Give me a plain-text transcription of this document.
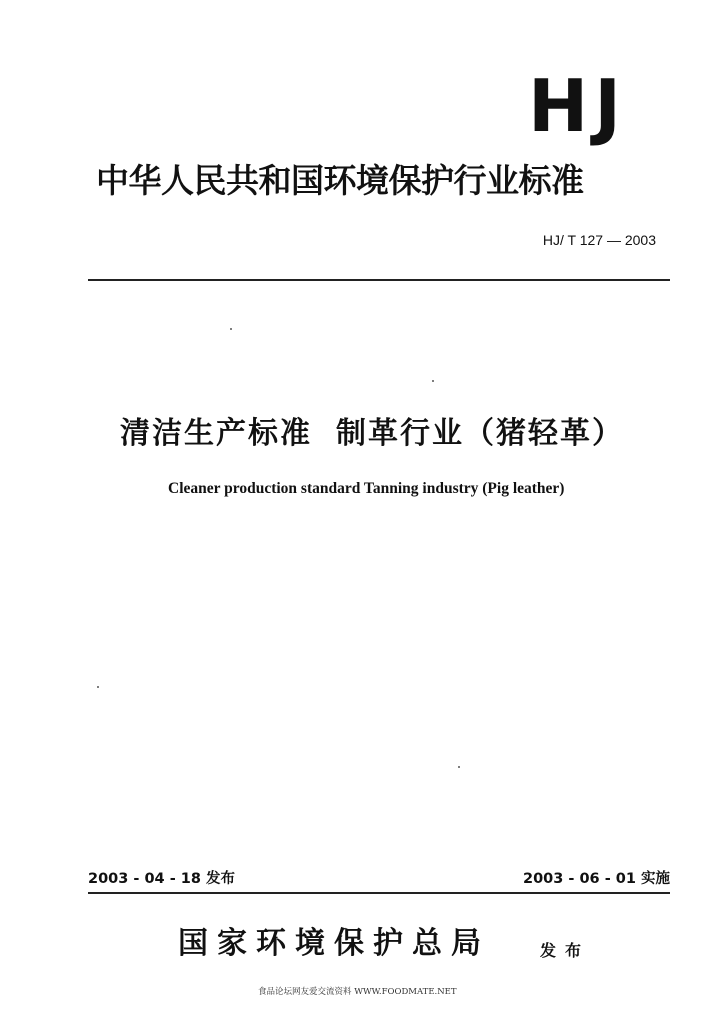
HJ
中华人民共和国环境保护行业标准
HJ/ T 127 — 2003
清洁生产标准 制革行业（猪轻革）
Cleaner production standard Tanning industry (Pig leather)
2003 - 04 - 18 发布	2003 - 06 - 01 实施
国家环境保护总局	发布
食品论坛网友爱交流资料 WWW.FOODMATE.NET
